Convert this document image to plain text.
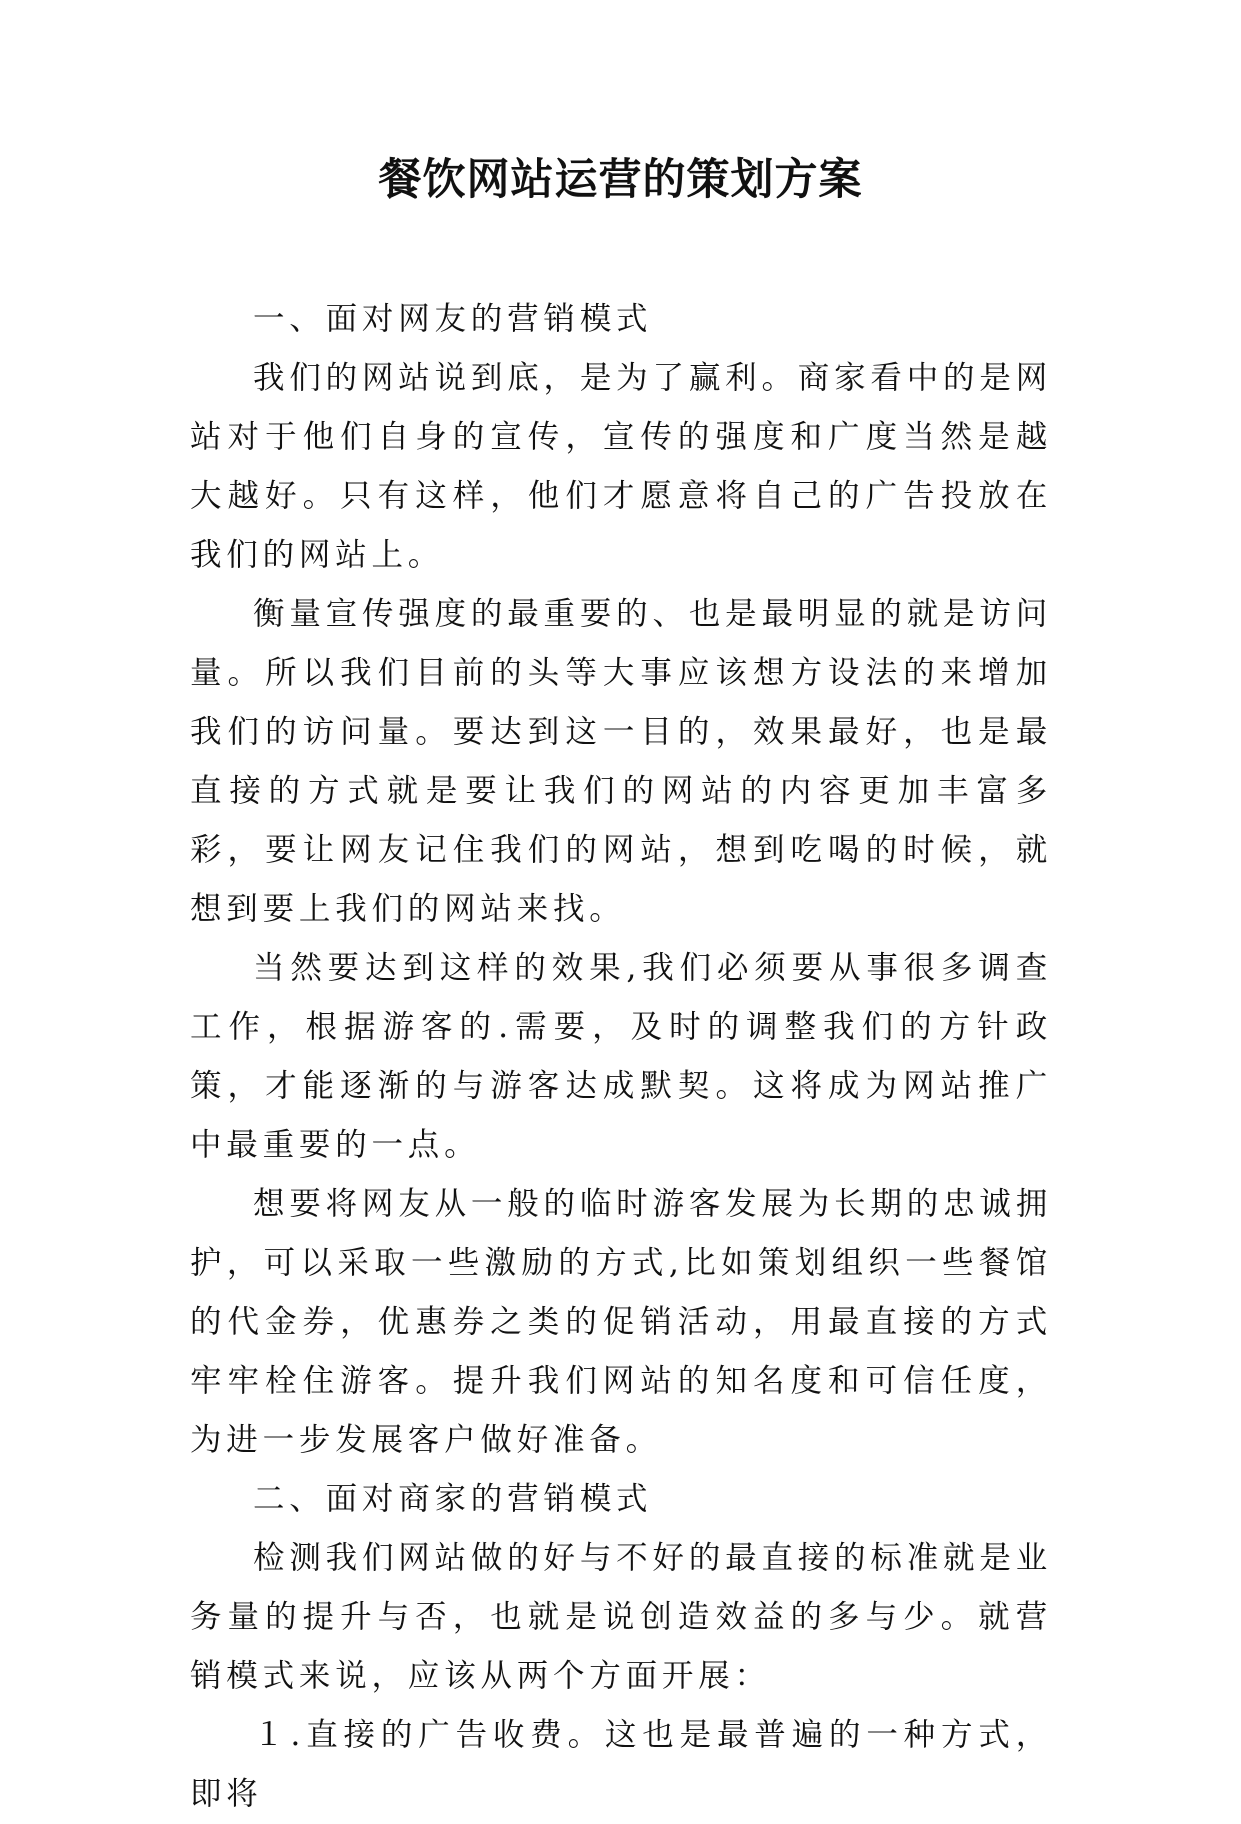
餐饮网站运营的策划方案

一、面对网友的营销模式

我们的网站说到底，是为了赢利。商家看中的是网站对于他们自身的宣传，宣传的强度和广度当然是越大越好。只有这样，他们才愿意将自己的广告投放在我们的网站上。

衡量宣传强度的最重要的、也是最明显的就是访问量。所以我们目前的头等大事应该想方设法的来增加我们的访问量。要达到这一目的，效果最好，也是最直接的方式就是要让我们的网站的内容更加丰富多彩，要让网友记住我们的网站，想到吃喝的时候，就想到要上我们的网站来找。

当然要达到这样的效果,我们必须要从事很多调查工作，根据游客的.需要，及时的调整我们的方针政策，才能逐渐的与游客达成默契。这将成为网站推广中最重要的一点。

想要将网友从一般的临时游客发展为长期的忠诚拥护，可以采取一些激励的方式,比如策划组织一些餐馆的代金券，优惠券之类的促销活动，用最直接的方式牢牢栓住游客。提升我们网站的知名度和可信任度，为进一步发展客户做好准备。

二、面对商家的营销模式

检测我们网站做的好与不好的最直接的标准就是业务量的提升与否，也就是说创造效益的多与少。就营销模式来说，应该从两个方面开展：

１.直接的广告收费。这也是最普遍的一种方式，即将
